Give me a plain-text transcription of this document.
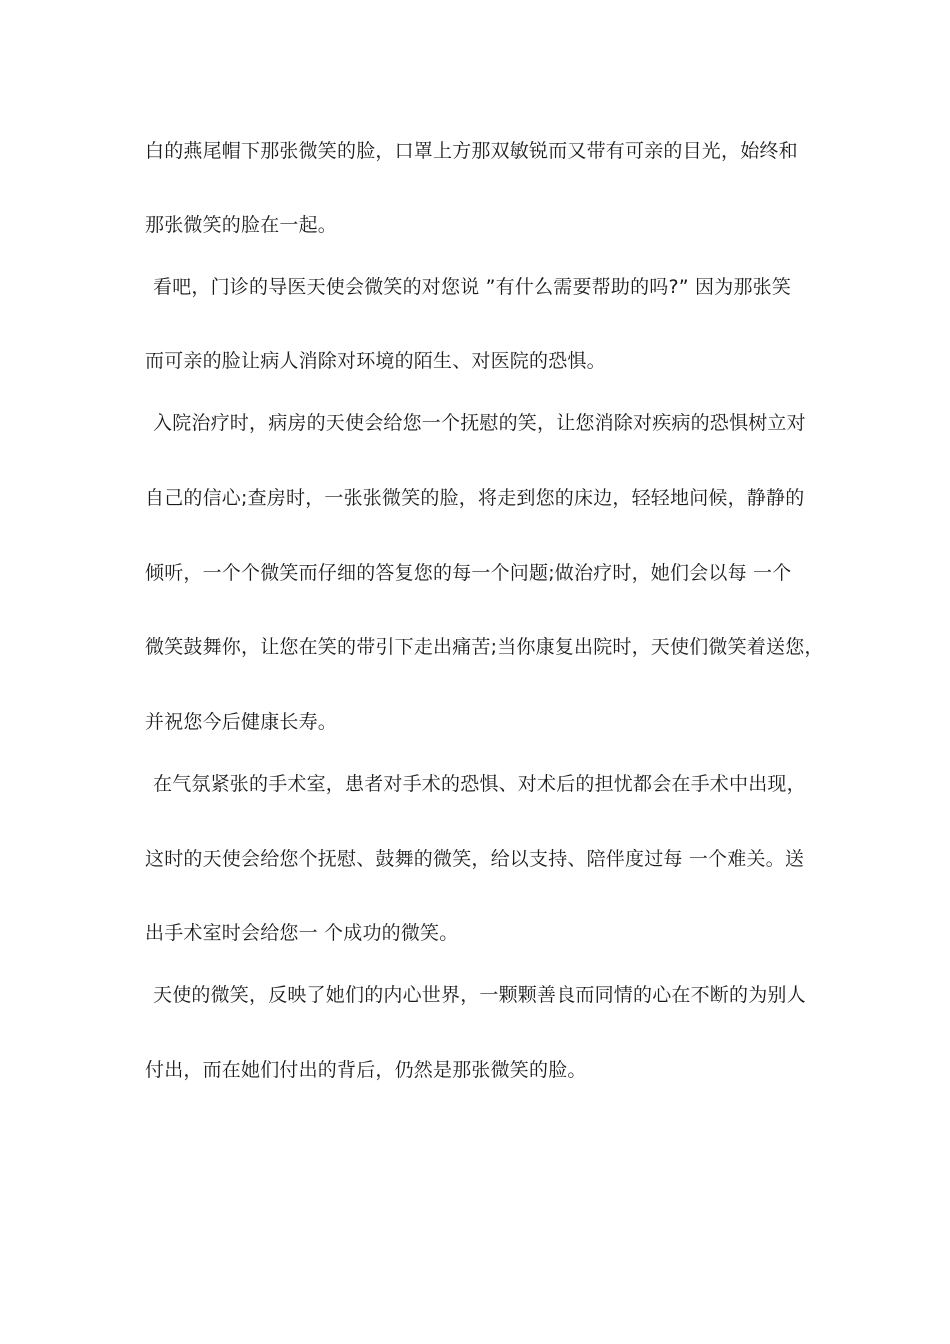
白的燕尾帽下那张微笑的脸，口罩上方那双敏锐而又带有可亲的目光，始终和
那张微笑的脸在一起。
看吧，门诊的导医天使会微笑的对您说 ”有什么需要帮助的吗?” 因为那张笑
而可亲的脸让病人消除对环境的陌生、对医院的恐惧。
入院治疗时，病房的天使会给您一个抚慰的笑，让您消除对疾病的恐惧树立对
自己的信心;查房时，一张张微笑的脸，将走到您的床边，轻轻地问候，静静的
倾听，一个个微笑而仔细的答复您的每一个问题;做治疗时，她们会以每 一个
微笑鼓舞你，让您在笑的带引下走出痛苦;当你康复出院时，天使们微笑着送您，
并祝您今后健康长寿。
在气氛紧张的手术室，患者对手术的恐惧、对术后的担忧都会在手术中出现，
这时的天使会给您个抚慰、鼓舞的微笑，给以支持、陪伴度过每 一个难关。送
出手术室时会给您一 个成功的微笑。
天使的微笑，反映了她们的内心世界，一颗颗善良而同情的心在不断的为别人
付出，而在她们付出的背后，仍然是那张微笑的脸。
